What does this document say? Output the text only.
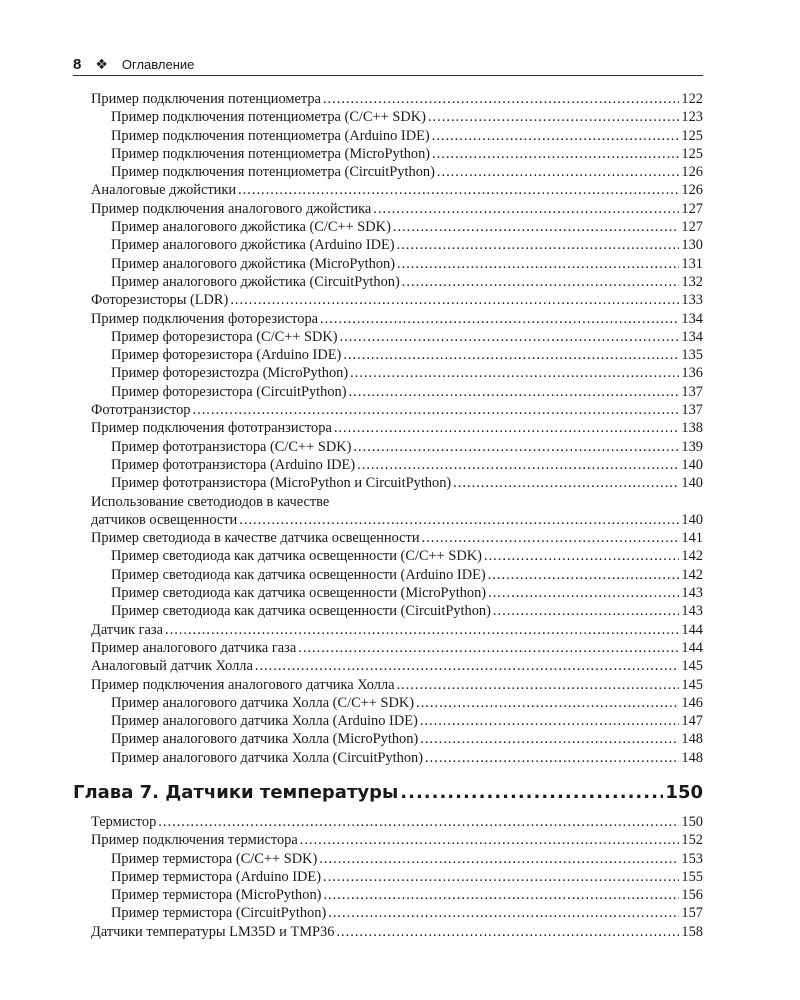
8 ❖ Оглавление
Пример подключения потенциометра .....	122
Пример подключения потенциометра (C/C++ SDK) .....	123
Пример подключения потенциометра (Arduino IDE) .....	125
Пример подключения потенциометра (MicroPython) .....	125
Пример подключения потенциометра (CircuitPython) .....	126
Аналоговые джойстики .....	126
Пример подключения аналогового джойстика .....	127
Пример аналогового джойстика (C/C++ SDK) .....	127
Пример аналогового джойстика (Arduino IDE) .....	130
Пример аналогового джойстика (MicroPython) .....	131
Пример аналогового джойстика (CircuitPython) .....	132
Фоторезисторы (LDR) .....	133
Пример подключения фоторезистора .....	134
Пример фоторезистора (C/C++ SDK) .....	134
Пример фоторезистора (Arduino IDE) .....	135
Пример фоторезистоzpa (MicroPython) .....	136
Пример фоторезистора (CircuitPython) .....	137
Фототранзистор .....	137
Пример подключения фототранзистора .....	138
Пример фототранзистора (C/C++ SDK) .....	139
Пример фототранзистора (Arduino IDE) .....	140
Пример фототранзистора (MicroPython и CircuitPython) .....	140
Использование светодиодов в качестве
датчиков освещенности .....	140
Пример светодиода в качестве датчика освещенности .....	141
Пример светодиода как датчика освещенности (C/C++ SDK) .....	142
Пример светодиода как датчика освещенности (Arduino IDE) .....	142
Пример светодиода как датчика освещенности (MicroPython) .....	143
Пример светодиода как датчика освещенности (CircuitPython) .....	143
Датчик газа .....	144
Пример аналогового датчика газа .....	144
Аналоговый датчик Холла .....	145
Пример подключения аналогового датчика Холла .....	145
Пример аналогового датчика Холла (C/C++ SDK) .....	146
Пример аналогового датчика Холла (Arduino IDE) .....	147
Пример аналогового датчика Холла (MicroPython) .....	148
Пример аналогового датчика Холла (CircuitPython) .....	148
Глава 7. Датчики температуры .....	150
Термистор .....	150
Пример подключения термистора .....	152
Пример термистора (C/C++ SDK) .....	153
Пример термистора (Arduino IDE) .....	155
Пример термистора (MicroPython) .....	156
Пример термистора (CircuitPython) .....	157
Датчики температуры LM35D и TMP36 .....	158
